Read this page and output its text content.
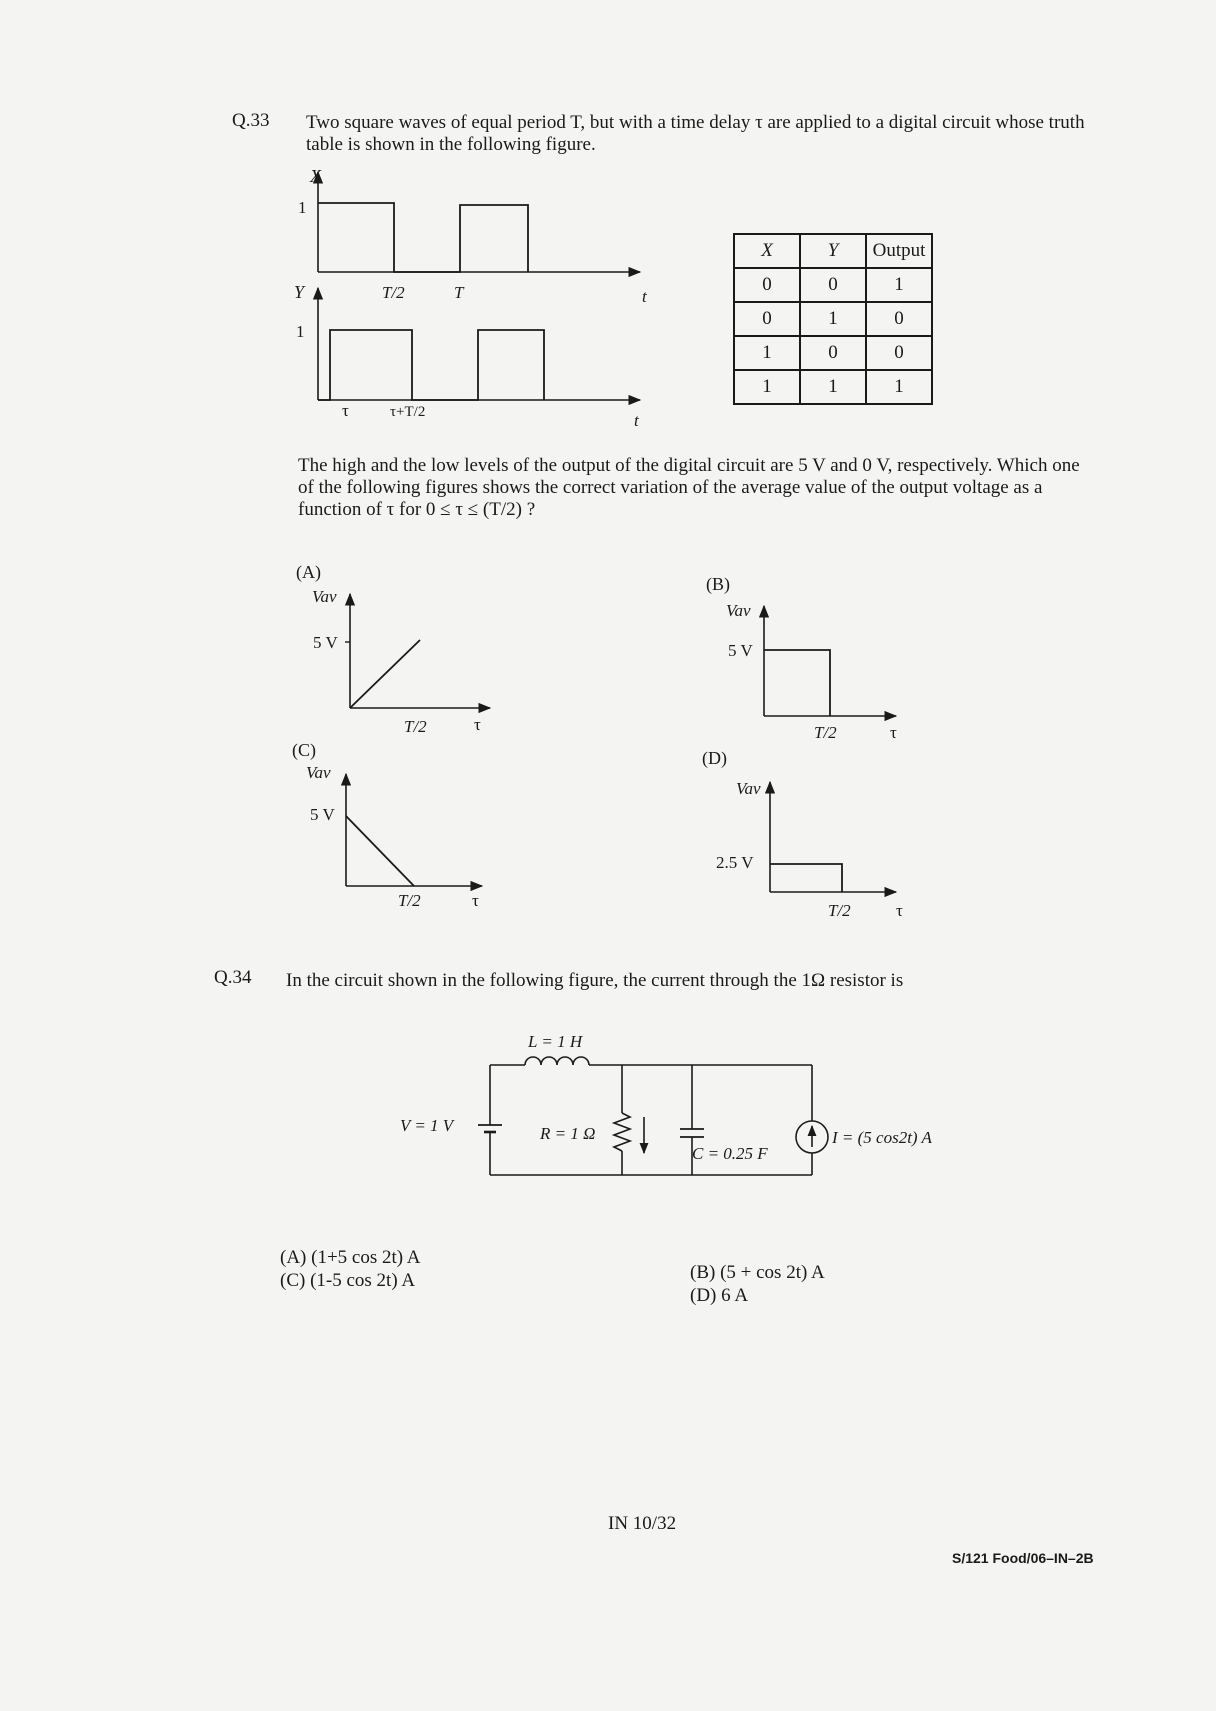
Q.33 Two square waves of equal period T, but with a time delay τ are applied to a digital circuit whose truth table is shown in the following figure.
X
1
T/2	T	t
Y
1
τ	τ+T/2	t
X	Y	Output
0	0	1
0	1	0
1	0	0
1	1	1
The high and the low levels of the output of the digital circuit are 5 V and 0 V, respectively. Which one of the following figures shows the correct variation of the average value of the output voltage as a function of τ for 0 ≤ τ ≤ (T/2) ?
(A)
Vav
5 V
T/2	τ
(B)
Vav
5 V
T/2	τ
(C)
Vav
5 V
T/2	τ
(D)
Vav
2.5 V
T/2	τ
Q.34 In the circuit shown in the following figure, the current through the 1Ω resistor is
L = 1 H
V = 1 V	R = 1 Ω
C = 0.25 F
I = (5 cos2t) A
(A) (1+5 cos 2t) A
(C) (1-5 cos 2t) A	(B) (5 + cos 2t) A
(D) 6 A
IN 10/32
S/121 Food/06–IN–2B
